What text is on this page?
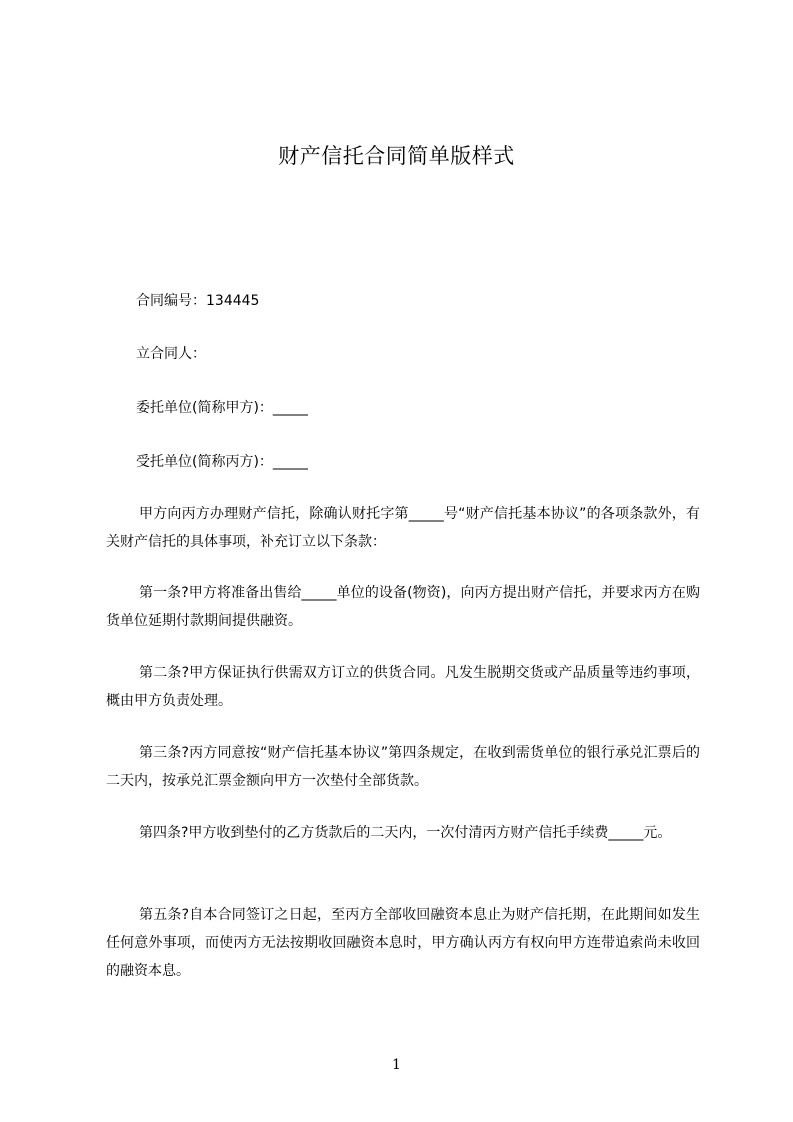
财产信托合同简单版样式
合同编号：134445
立合同人：
委托单位(简称甲方)：_____
受托单位(简称丙方)：_____
甲方向丙方办理财产信托，除确认财托字第_____号“财产信托基本协议”的各项条款外，有关财产信托的具体事项，补充订立以下条款：
第一条?甲方将准备出售给_____单位的设备(物资)，向丙方提出财产信托，并要求丙方在购货单位延期付款期间提供融资。
第二条?甲方保证执行供需双方订立的供货合同。凡发生脱期交货或产品质量等违约事项，概由甲方负责处理。
第三条?丙方同意按“财产信托基本协议”第四条规定，在收到需货单位的银行承兑汇票后的二天内，按承兑汇票金额向甲方一次垫付全部货款。
第四条?甲方收到垫付的乙方货款后的二天内，一次付清丙方财产信托手续费_____元。
第五条?自本合同签订之日起，至丙方全部收回融资本息止为财产信托期，在此期间如发生任何意外事项，而使丙方无法按期收回融资本息时，甲方确认丙方有权向甲方连带追索尚未收回的融资本息。
1
